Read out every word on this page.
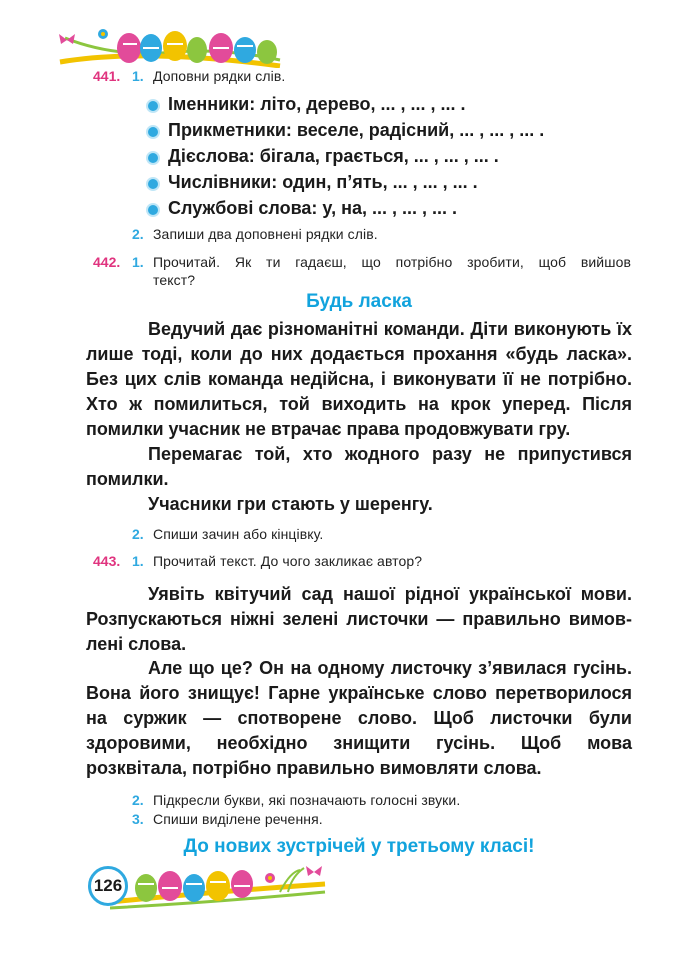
441. 1. Доповни рядки слів.
Іменники: літо, дерево, ... , ... , ... .
Прикметники: веселе, радісний, ... , ... , ... .
Дієслова: бігала, грається, ... , ... , ... .
Числівники: один, п’ять, ... , ... , ... .
Службові слова: у, на, ... , ... , ... .
2. Запиши два доповнені рядки слів.
442. 1. Прочитай. Як ти гадаєш, що потрібно зробити, щоб вийшов
текст?
Будь ласка
Ведучий дає різноманітні команди. Діти виконують їх лише тоді, коли до них додається прохання «будь ласка». Без цих слів команда недійсна, і виконувати її не потрібно. Хто ж помилиться, той виходить на крок уперед. Після помилки учасник не втрачає права продовжувати гру.
Перемагає той, хто жодного разу не припустився помилки.
Учасники гри стають у шеренгу.
2. Спиши зачин або кінцівку.
443. 1. Прочитай текст. До чого закликає автор?
Уявіть квітучий сад нашої рідної української мови. Розпускаються ніжні зелені листочки — правильно вимовлені слова.
Але що це? Он на одному листочку з’явилася гусінь. Вона його знищує! Гарне українське слово перетворилося на суржик — спотворене слово. Щоб листочки були здоровими, необхідно знищити гусінь. Щоб мова розквітала, потрібно правильно вимовляти слова.
2. Підкресли букви, які позначають голосні звуки.
3. Спиши виділене речення.
До нових зустрічей у третьому класі!
126
